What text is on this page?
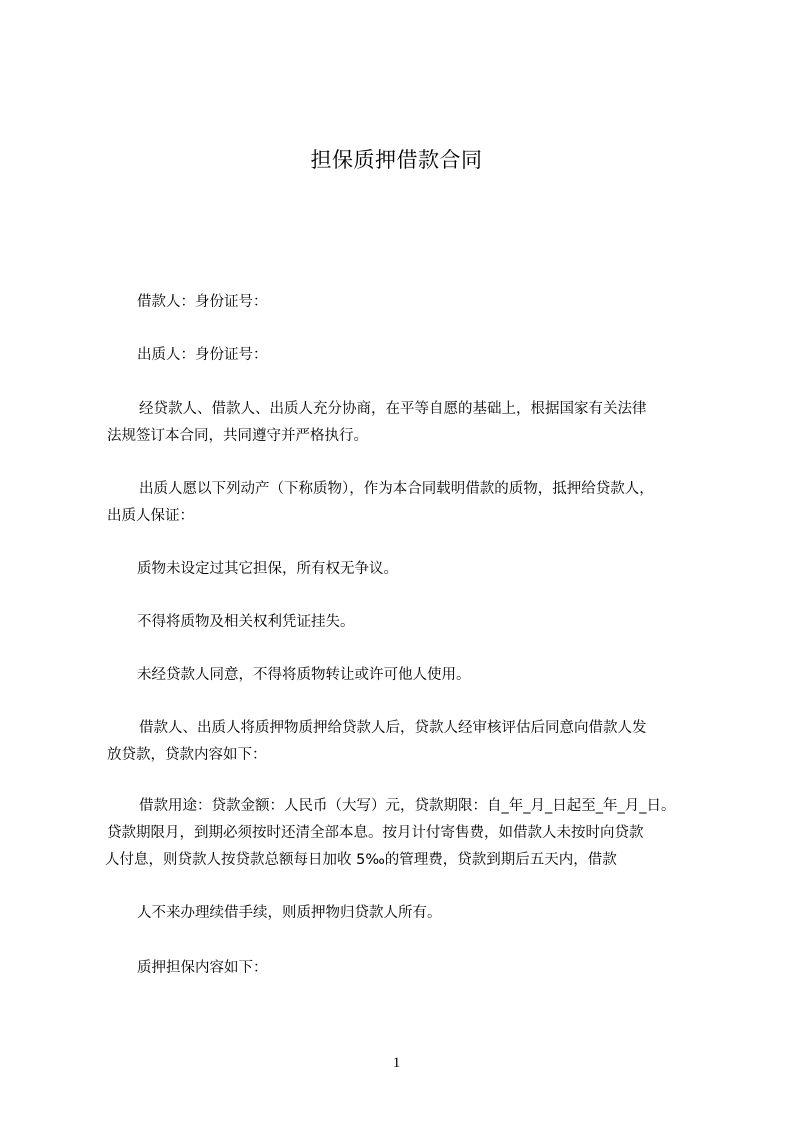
担保质押借款合同
借款人：身份证号：
出质人：身份证号：
经贷款人、借款人、出质人充分协商，在平等自愿的基础上，根据国家有关法律
法规签订本合同，共同遵守并严格执行。
出质人愿以下列动产（下称质物），作为本合同载明借款的质物，抵押给贷款人，
出质人保证：
质物未设定过其它担保，所有权无争议。
不得将质物及相关权利凭证挂失。
未经贷款人同意，不得将质物转让或许可他人使用。
借款人、出质人将质押物质押给贷款人后，贷款人经审核评估后同意向借款人发
放贷款，贷款内容如下：
借款用途：贷款金额：人民币（大写）元，贷款期限：自_年_月_日起至_年_月_日。
贷款期限月，到期必须按时还清全部本息。按月计付寄售费，如借款人未按时向贷款
人付息，则贷款人按贷款总额每日加收 5‰的管理费，贷款到期后五天内，借款
人不来办理续借手续，则质押物归贷款人所有。
质押担保内容如下：
1
